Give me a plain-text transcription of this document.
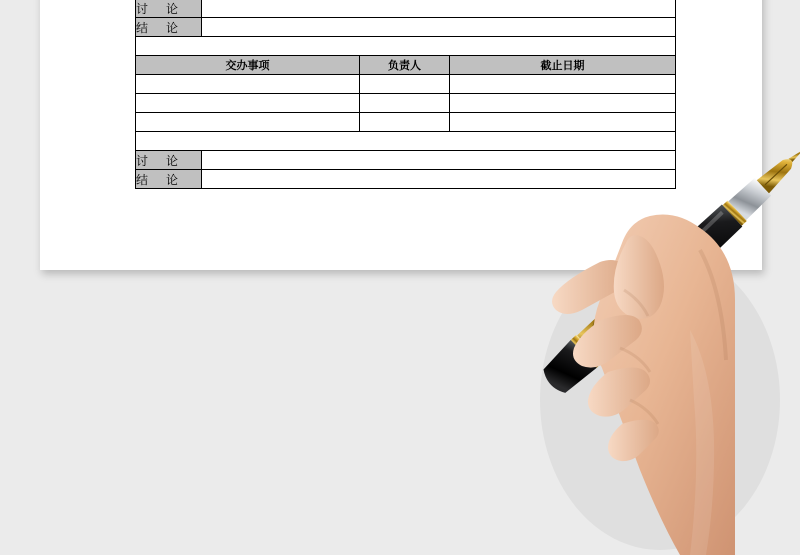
讨 论			

结 论			

交办事项		负责人	截止日期

讨 论			

结 论			
